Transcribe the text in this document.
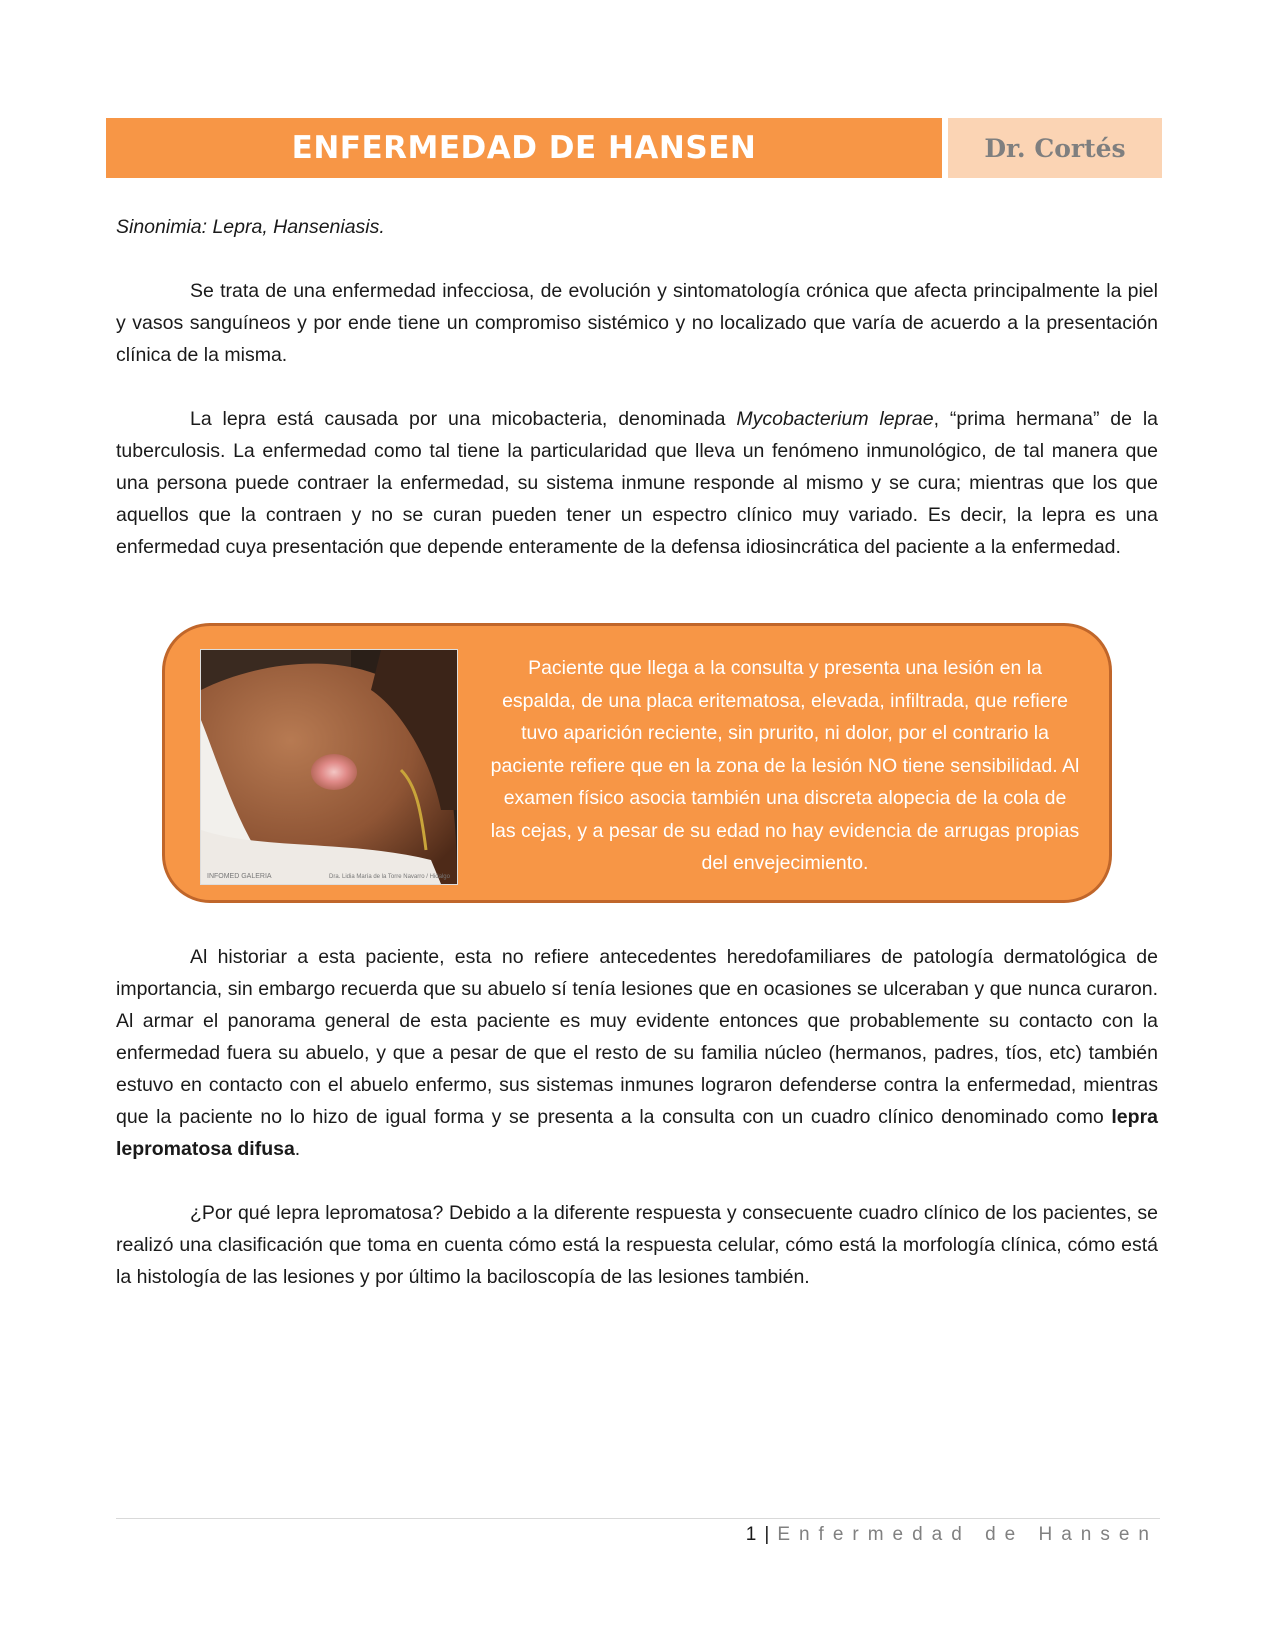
ENFERMEDAD DE HANSEN	Dr. Cortés

Sinonimia: Lepra, Hanseniasis.

Se trata de una enfermedad infecciosa, de evolución y sintomatología crónica que afecta principalmente la piel y vasos sanguíneos y por ende tiene un compromiso sistémico y no localizado que varía de acuerdo a la presentación clínica de la misma.

La lepra está causada por una micobacteria, denominada Mycobacterium leprae, “prima hermana” de la tuberculosis. La enfermedad como tal tiene la particularidad que lleva un fenómeno inmunológico, de tal manera que una persona puede contraer la enfermedad, su sistema inmune responde al mismo y se cura; mientras que los que aquellos que la contraen y no se curan pueden tener un espectro clínico muy variado. Es decir, la lepra es una enfermedad cuya presentación que depende enteramente de la defensa idiosincrática del paciente a la enfermedad.

INFOMED GALERIA	Dra. Lidia María de la Torre Navarro / Hidalgo
Paciente que llega a la consulta y presenta una lesión en la espalda, de una placa eritematosa, elevada, infiltrada, que refiere tuvo aparición reciente, sin prurito, ni dolor, por el contrario la paciente refiere que en la zona de la lesión NO tiene sensibilidad. Al examen físico asocia también una discreta alopecia de la cola de las cejas, y a pesar de su edad no hay evidencia de arrugas propias del envejecimiento.

Al historiar a esta paciente, esta no refiere antecedentes heredofamiliares de patología dermatológica de importancia, sin embargo recuerda que su abuelo sí tenía lesiones que en ocasiones se ulceraban y que nunca curaron. Al armar el panorama general de esta paciente es muy evidente entonces que probablemente su contacto con la enfermedad fuera su abuelo, y que a pesar de que el resto de su familia núcleo (hermanos, padres, tíos, etc) también estuvo en contacto con el abuelo enfermo, sus sistemas inmunes lograron defenderse contra la enfermedad, mientras que la paciente no lo hizo de igual forma y se presenta a la consulta con un cuadro clínico denominado como lepra lepromatosa difusa.

¿Por qué lepra lepromatosa? Debido a la diferente respuesta y consecuente cuadro clínico de los pacientes, se realizó una clasificación que toma en cuenta cómo está la respuesta celular, cómo está la morfología clínica, cómo está la histología de las lesiones y por último la baciloscopía de las lesiones también.

1 | Enfermedad de Hansen
